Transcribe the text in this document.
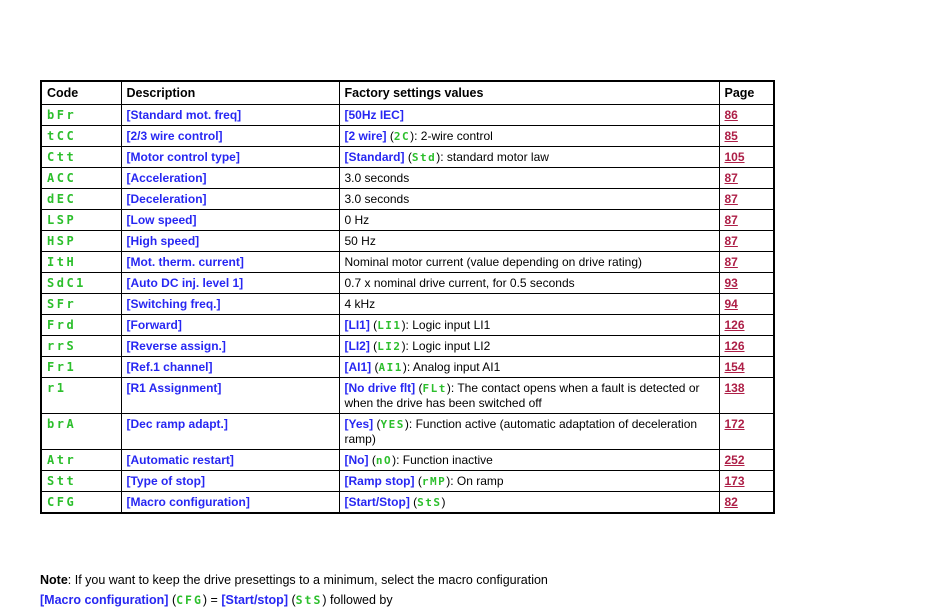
Code	Description	Factory settings values	Page
bFr	[Standard mot. freq]	[50Hz IEC]	86
tCC	[2/3 wire control]	[2 wire] (2C): 2-wire control	85
Ctt	[Motor control type]	[Standard] (Std): standard motor law	105
ACC	[Acceleration]	3.0 seconds	87
dEC	[Deceleration]	3.0 seconds	87
LSP	[Low speed]	0 Hz	87
HSP	[High speed]	50 Hz	87
ItH	[Mot. therm. current]	Nominal motor current (value depending on drive rating)	87
SdC1	[Auto DC inj. level 1]	0.7 x nominal drive current, for 0.5 seconds	93
SFr	[Switching freq.]	4 kHz	94
Frd	[Forward]	[LI1] (LI1): Logic input LI1	126
rrS	[Reverse assign.]	[LI2] (LI2): Logic input LI2	126
Fr1	[Ref.1 channel]	[AI1] (AI1): Analog input AI1	154
r1	[R1 Assignment]	[No drive flt] (FLt): The contact opens when a fault is detected or when the drive has been switched off	138
brA	[Dec ramp adapt.]	[Yes] (YES): Function active (automatic adaptation of deceleration ramp)	172
Atr	[Automatic restart]	[No] (nO): Function inactive	252
Stt	[Type of stop]	[Ramp stop] (rMP): On ramp	173
CFG	[Macro configuration]	[Start/Stop] (StS)	82
Note: If you want to keep the drive presettings to a minimum, select the macro configuration
[Macro configuration] (CFG) = [Start/stop] (StS) followed by
